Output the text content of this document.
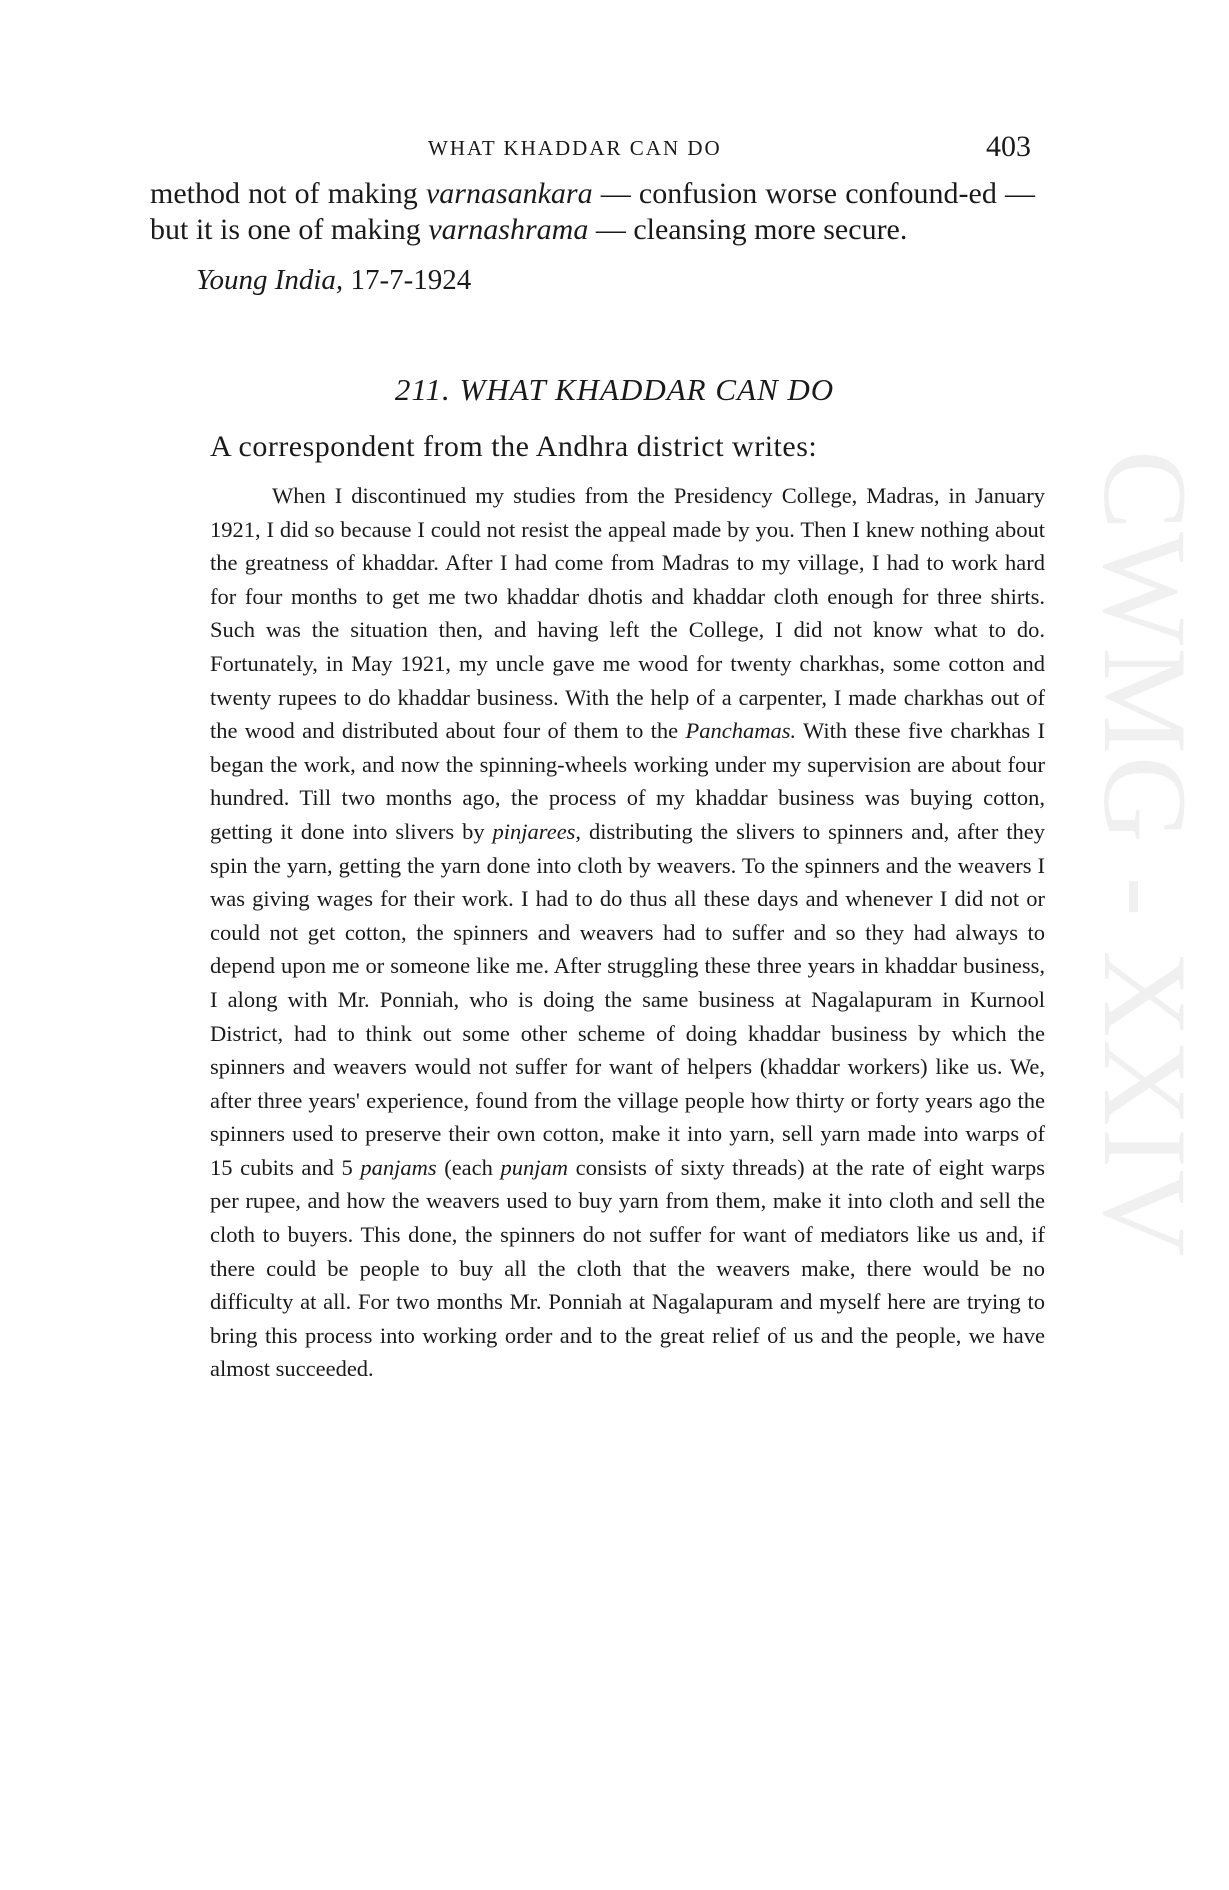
CWMG - XXIV
WHAT KHADDAR CAN DO	403

method not of making varnasankara — confusion worse confound-ed — but it is one of making varnashrama — cleansing more secure.

Young India, 17-7-1924

211. WHAT KHADDAR CAN DO

A correspondent from the Andhra district writes:

When I discontinued my studies from the Presidency College, Madras, in January 1921, I did so because I could not resist the appeal made by you. Then I knew nothing about the greatness of khaddar. After I had come from Madras to my village, I had to work hard for four months to get me two khaddar dhotis and khaddar cloth enough for three shirts. Such was the situation then, and having left the College, I did not know what to do. Fortunately, in May 1921, my uncle gave me wood for twenty charkhas, some cotton and twenty rupees to do khaddar business. With the help of a carpenter, I made charkhas out of the wood and distributed about four of them to the Panchamas. With these five charkhas I began the work, and now the spinning-wheels working under my supervision are about four hundred. Till two months ago, the process of my khaddar business was buying cotton, getting it done into slivers by pinjarees, distributing the slivers to spinners and, after they spin the yarn, getting the yarn done into cloth by weavers. To the spinners and the weavers I was giving wages for their work. I had to do thus all these days and whenever I did not or could not get cotton, the spinners and weavers had to suffer and so they had always to depend upon me or someone like me. After struggling these three years in khaddar business, I along with Mr. Ponniah, who is doing the same business at Nagalapuram in Kurnool District, had to think out some other scheme of doing khaddar business by which the spinners and weavers would not suffer for want of helpers (khaddar workers) like us. We, after three years' experience, found from the village people how thirty or forty years ago the spinners used to preserve their own cotton, make it into yarn, sell yarn made into warps of 15 cubits and 5 panjams (each punjam consists of sixty threads) at the rate of eight warps per rupee, and how the weavers used to buy yarn from them, make it into cloth and sell the cloth to buyers. This done, the spinners do not suffer for want of mediators like us and, if there could be people to buy all the cloth that the weavers make, there would be no difficulty at all. For two months Mr. Ponniah at Nagalapuram and myself here are trying to bring this process into working order and to the great relief of us and the people, we have almost succeeded.
